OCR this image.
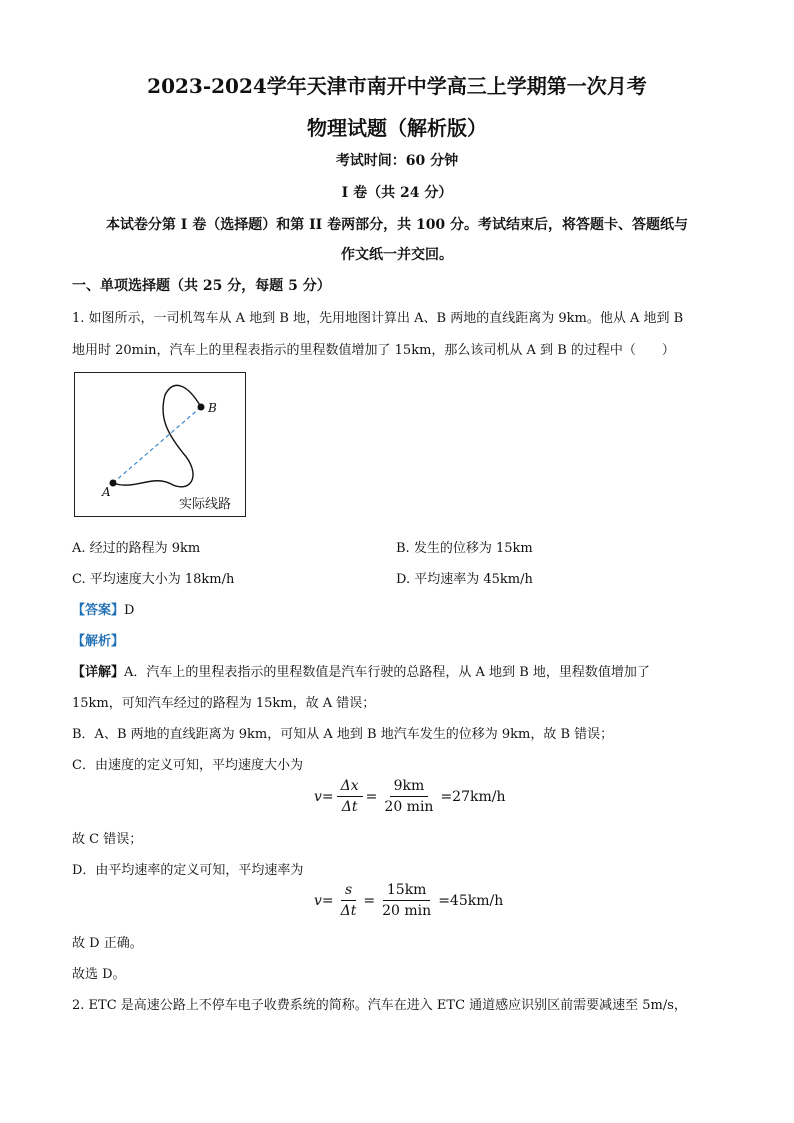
2023-2024学年天津市南开中学高三上学期第一次月考
物理试题（解析版）
考试时间：60 分钟
I 卷（共 24 分）
本试卷分第 I 卷（选择题）和第 II 卷两部分，共 100 分。考试结束后，将答题卡、答题纸与
作文纸一并交回。
一、单项选择题（共 25 分，每题 5 分）
1. 如图所示，一司机驾车从 A 地到 B 地，先用地图计算出 A、B 两地的直线距离为 9km。他从 A 地到 B
地用时 20min，汽车上的里程表指示的里程数值增加了 15km，那么该司机从 A 到 B 的过程中（　　）
A
B
实际线路
A. 经过的路程为 9km	B. 发生的位移为 15km
C. 平均速度大小为 18km/h	D. 平均速率为 45km/h
【答案】D
【解析】
【详解】A．汽车上的里程表指示的里程数值是汽车行驶的总路程，从 A 地到 B 地，里程数值增加了
15km，可知汽车经过的路程为 15km，故 A 错误；
B．A、B 两地的直线距离为 9km，可知从 A 地到 B 地汽车发生的位移为 9km，故 B 错误；
C．由速度的定义可知，平均速度大小为
$v = \frac{\Delta x}{\Delta t} = \frac{9km}{20 \min} =27km/h$
故 C 错误；
D．由平均速率的定义可知，平均速率为
$v = \frac{s}{\Delta t} = \frac{15km}{20 \min} =45km/h$
故 D 正确。
故选 D。
2. ETC 是高速公路上不停车电子收费系统的简称。汽车在进入 ETC 通道感应识别区前需要减速至 5m/s，
